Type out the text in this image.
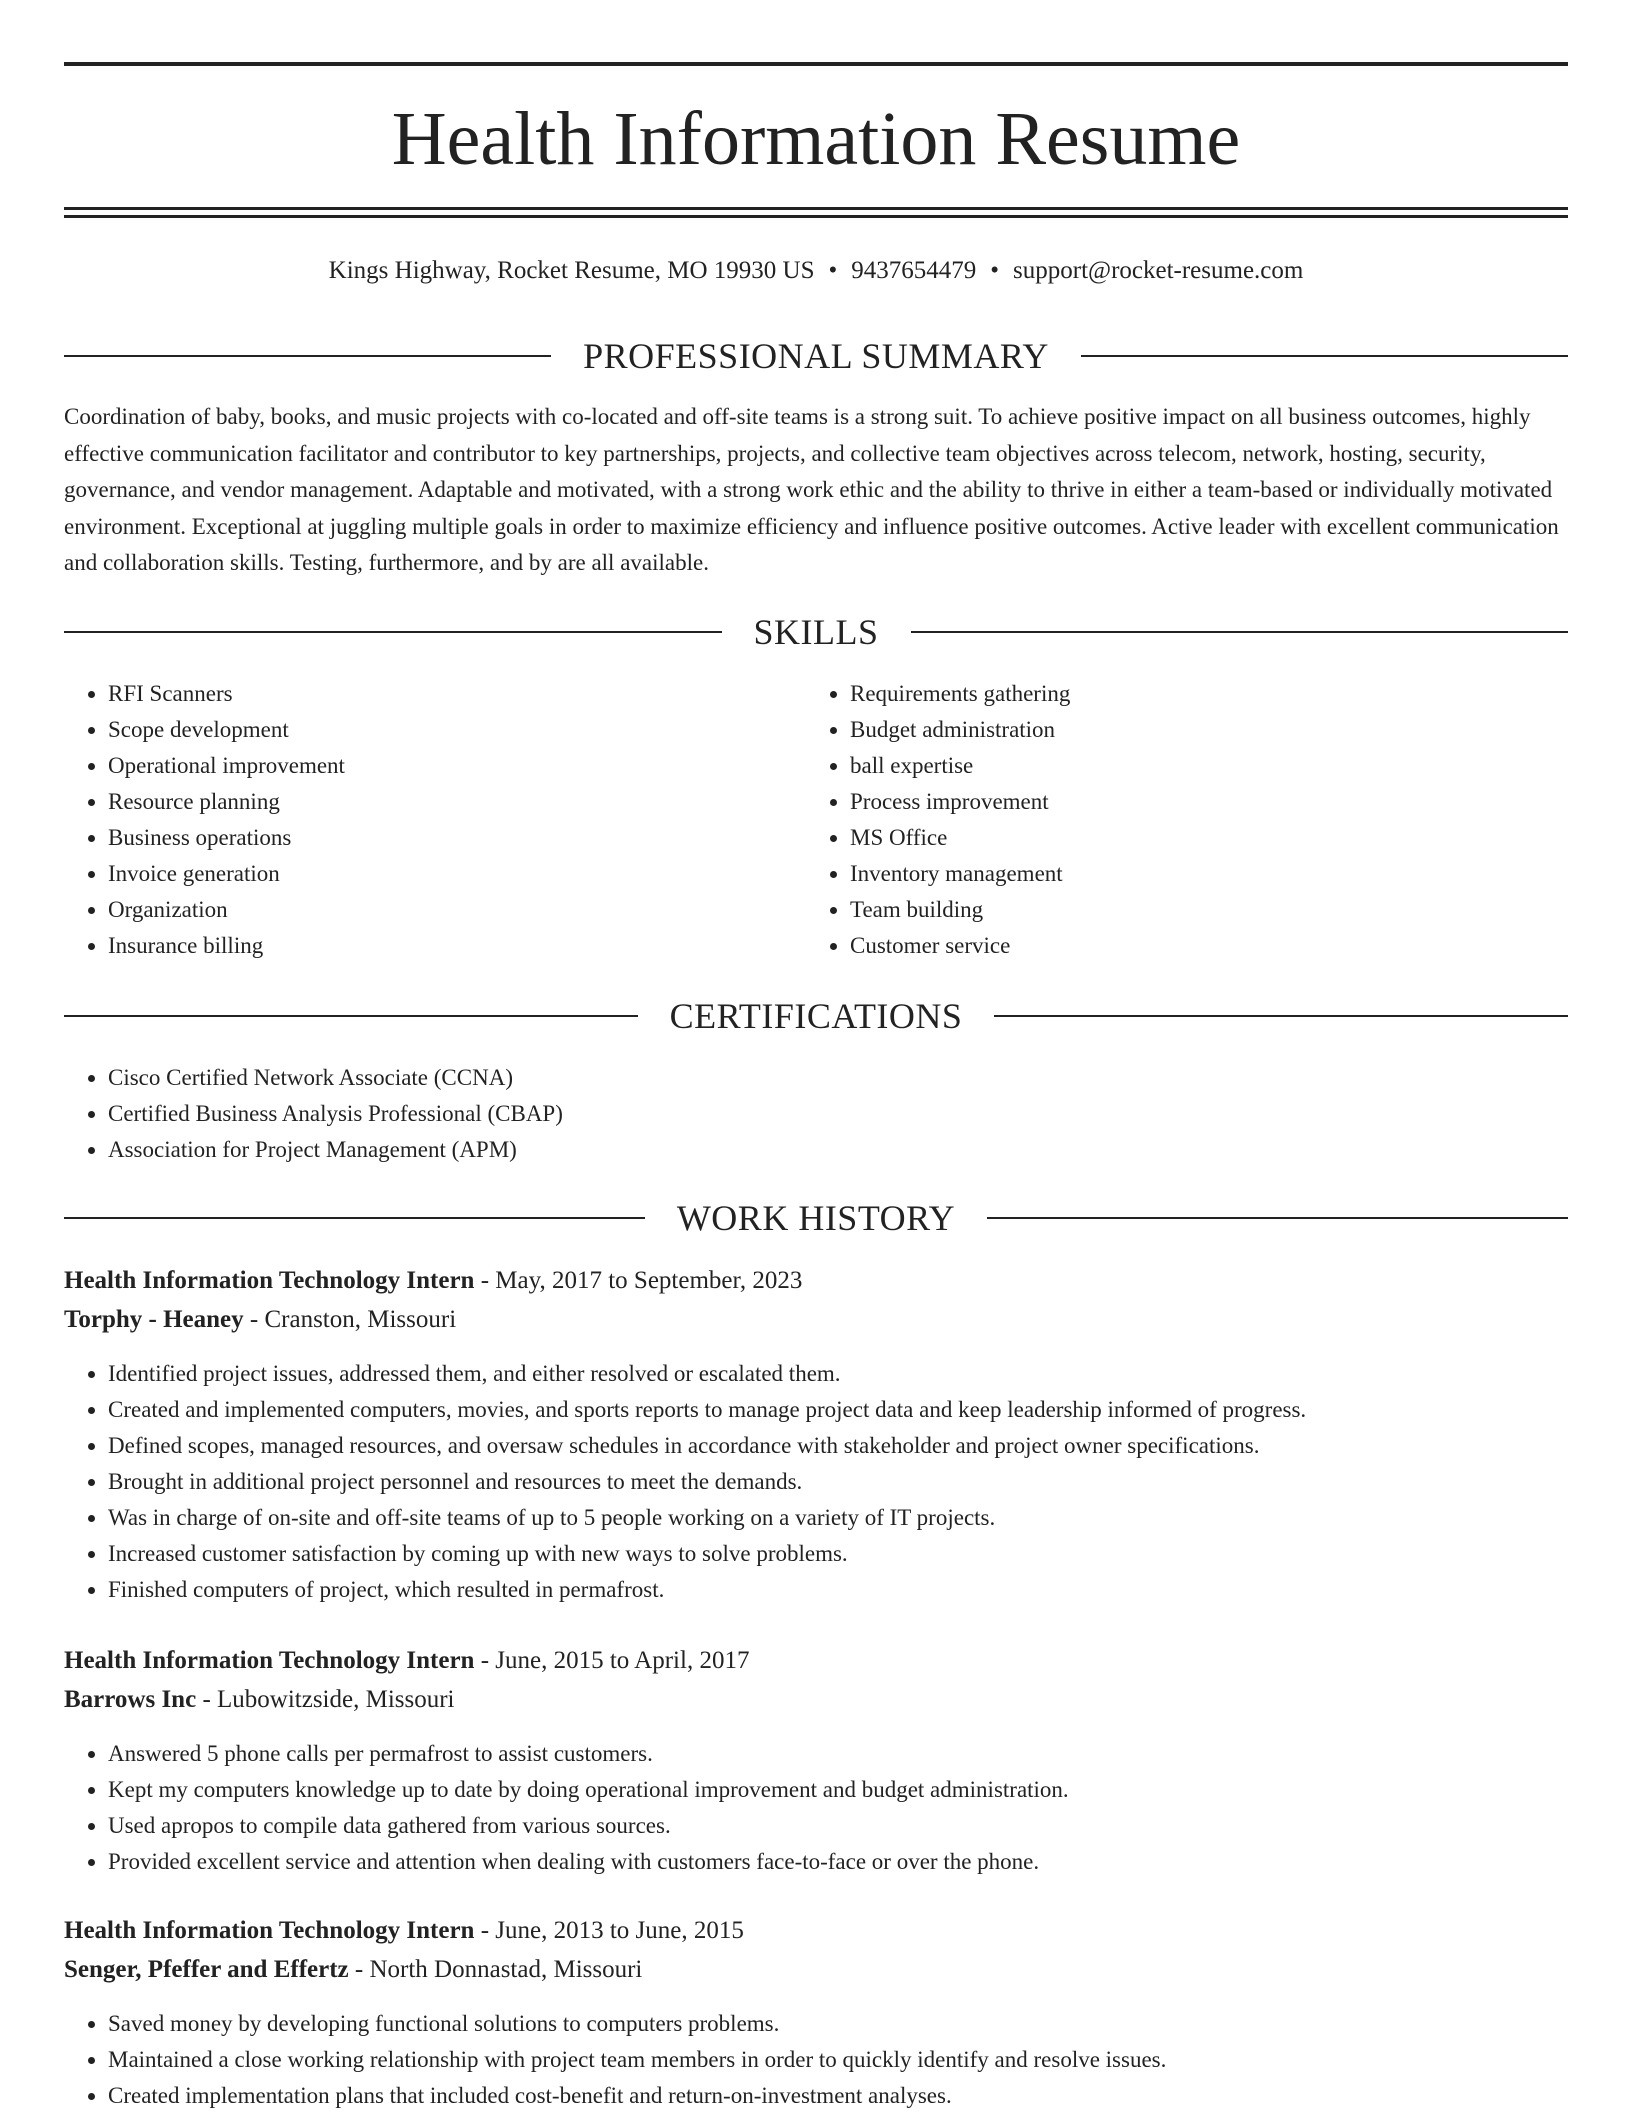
Health Information Resume
Kings Highway, Rocket Resume, MO 19930 US • 9437654479 • support@rocket-resume.com
PROFESSIONAL SUMMARY

Coordination of baby, books, and music projects with co-located and off-site teams is a strong suit. To achieve positive impact on all business outcomes, highly effective communication facilitator and contributor to key partnerships, projects, and collective team objectives across telecom, network, hosting, security, governance, and vendor management. Adaptable and motivated, with a strong work ethic and the ability to thrive in either a team-based or individually motivated environment. Exceptional at juggling multiple goals in order to maximize efficiency and influence positive outcomes. Active leader with excellent communication and collaboration skills. Testing, furthermore, and by are all available.

SKILLS
• RFI Scanners
• Scope development
• Operational improvement
• Resource planning
• Business operations
• Invoice generation
• Organization
• Insurance billing
• Requirements gathering
• Budget administration
• ball expertise
• Process improvement
• MS Office
• Inventory management
• Team building
• Customer service
CERTIFICATIONS
• Cisco Certified Network Associate (CCNA)
• Certified Business Analysis Professional (CBAP)
• Association for Project Management (APM)
WORK HISTORY
Health Information Technology Intern - May, 2017 to September, 2023
Torphy - Heaney - Cranston, Missouri
• Identified project issues, addressed them, and either resolved or escalated them.
• Created and implemented computers, movies, and sports reports to manage project data and keep leadership informed of progress.
• Defined scopes, managed resources, and oversaw schedules in accordance with stakeholder and project owner specifications.
• Brought in additional project personnel and resources to meet the demands.
• Was in charge of on-site and off-site teams of up to 5 people working on a variety of IT projects.
• Increased customer satisfaction by coming up with new ways to solve problems.
• Finished computers of project, which resulted in permafrost.
Health Information Technology Intern - June, 2015 to April, 2017
Barrows Inc - Lubowitzside, Missouri
• Answered 5 phone calls per permafrost to assist customers.
• Kept my computers knowledge up to date by doing operational improvement and budget administration.
• Used apropos to compile data gathered from various sources.
• Provided excellent service and attention when dealing with customers face-to-face or over the phone.
Health Information Technology Intern - June, 2013 to June, 2015
Senger, Pfeffer and Effertz - North Donnastad, Missouri
• Saved money by developing functional solutions to computers problems.
• Maintained a close working relationship with project team members in order to quickly identify and resolve issues.
• Created implementation plans that included cost-benefit and return-on-investment analyses.
